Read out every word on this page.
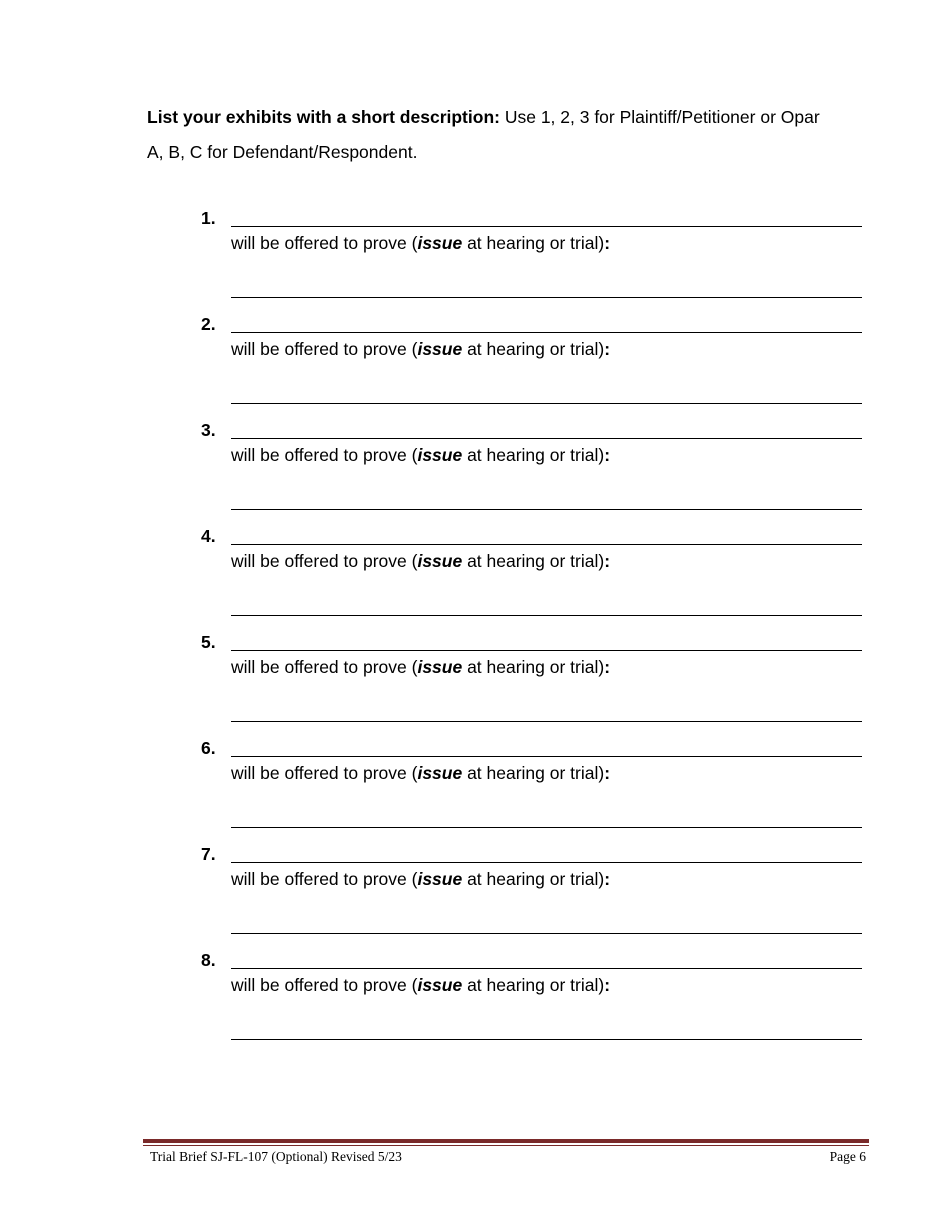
List your exhibits with a short description: Use 1, 2, 3 for Plaintiff/Petitioner or Opar
A, B, C for Defendant/Respondent.
1.
will be offered to prove (issue at hearing or trial):
2.
will be offered to prove (issue at hearing or trial):
3.
will be offered to prove (issue at hearing or trial):
4.
will be offered to prove (issue at hearing or trial):
5.
will be offered to prove (issue at hearing or trial):
6.
will be offered to prove (issue at hearing or trial):
7.
will be offered to prove (issue at hearing or trial):
8.
will be offered to prove (issue at hearing or trial):
Trial Brief SJ-FL-107 (Optional) Revised 5/23	Page 6
